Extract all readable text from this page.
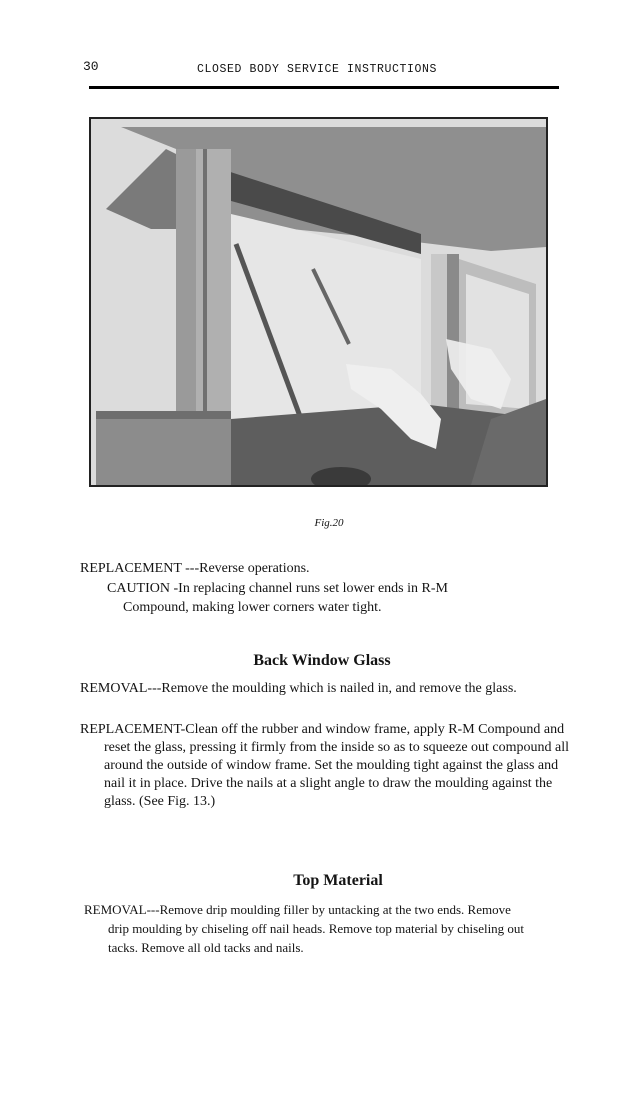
30	CLOSED BODY SERVICE INSTRUCTIONS
Fig.20
REPLACEMENT ---Reverse operations.
CAUTION -In replacing channel runs set lower ends in R-M
Compound, making lower corners water tight.
Back Window Glass
REMOVAL---Remove the moulding which is nailed in, and remove the glass.
REPLACEMENT-Clean off the rubber and window frame, apply R-M Compound and reset the glass, pressing it firmly from the inside so as to squeeze out compound all around the outside of window frame. Set the moulding tight against the glass and nail it in place. Drive the nails at a slight angle to draw the moulding against the glass. (See Fig. 13.)
Top Material
REMOVAL---Remove drip moulding filler by untacking at the two ends. Remove drip moulding by chiseling off nail heads. Remove top material by chiseling out tacks. Remove all old tacks and nails.
